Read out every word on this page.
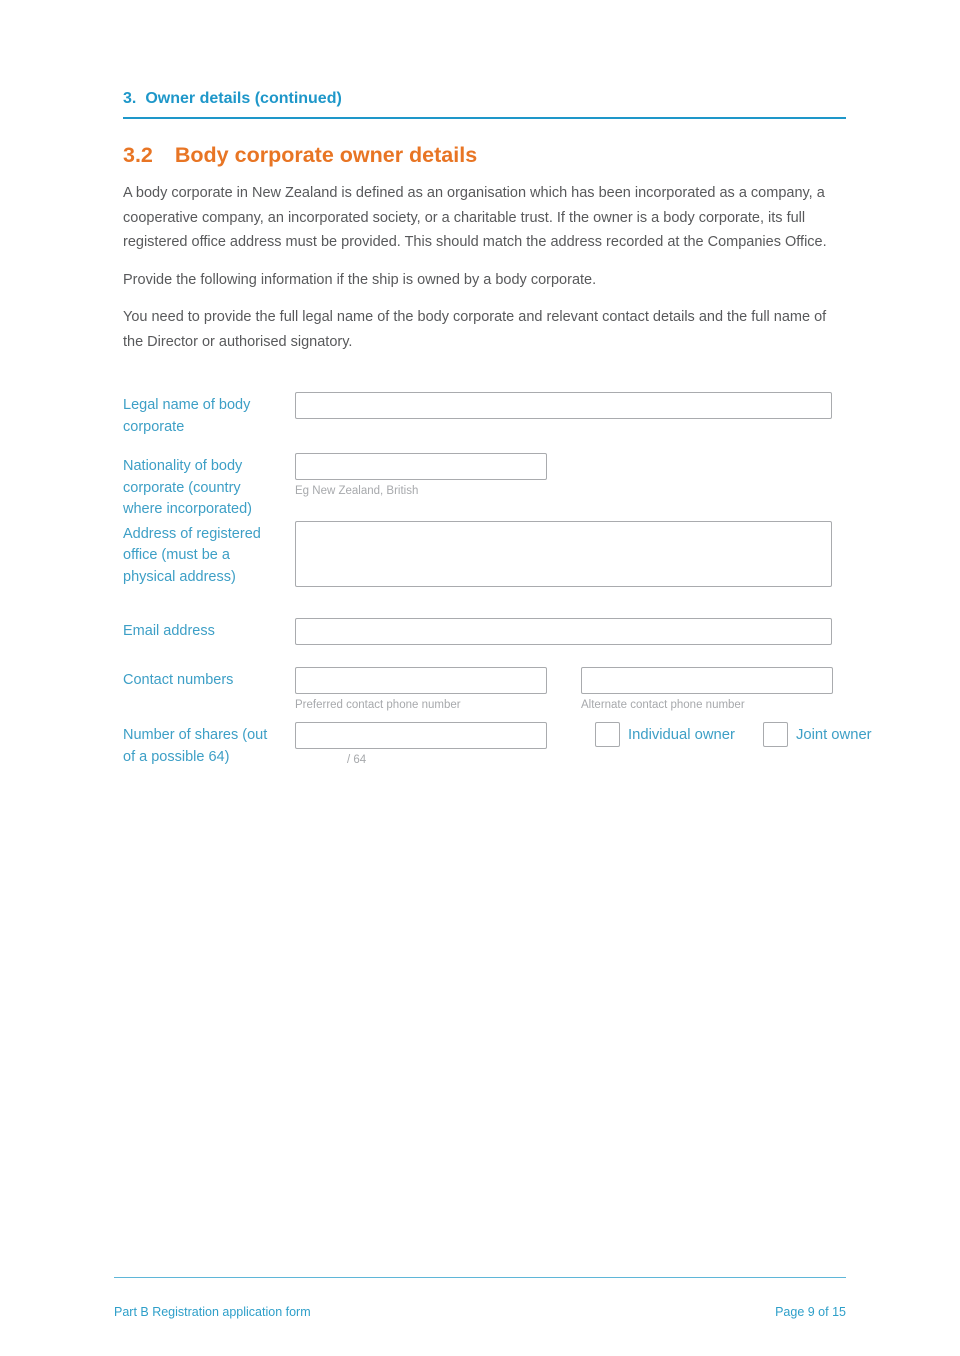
3. Owner details (continued)
3.2 Body corporate owner details

A body corporate in New Zealand is defined as an organisation which has been incorporated as a company, a cooperative company, an incorporated society, or a charitable trust. If the owner is a body corporate, its full registered office address must be provided. This should match the address recorded at the Companies Office.

Provide the following information if the ship is owned by a body corporate.

You need to provide the full legal name of the body corporate and relevant contact details and the full name of the Director or authorised signatory.

Legal name of body corporate
Nationality of body corporate (country where incorporated)
Eg New Zealand, British
Address of registered office (must be a physical address)
Email address
Contact numbers
Preferred contact phone number	Alternate contact phone number
Number of shares (out of a possible 64)	/ 64
Individual owner	Joint owner
Part B Registration application form	Page 9 of 15
